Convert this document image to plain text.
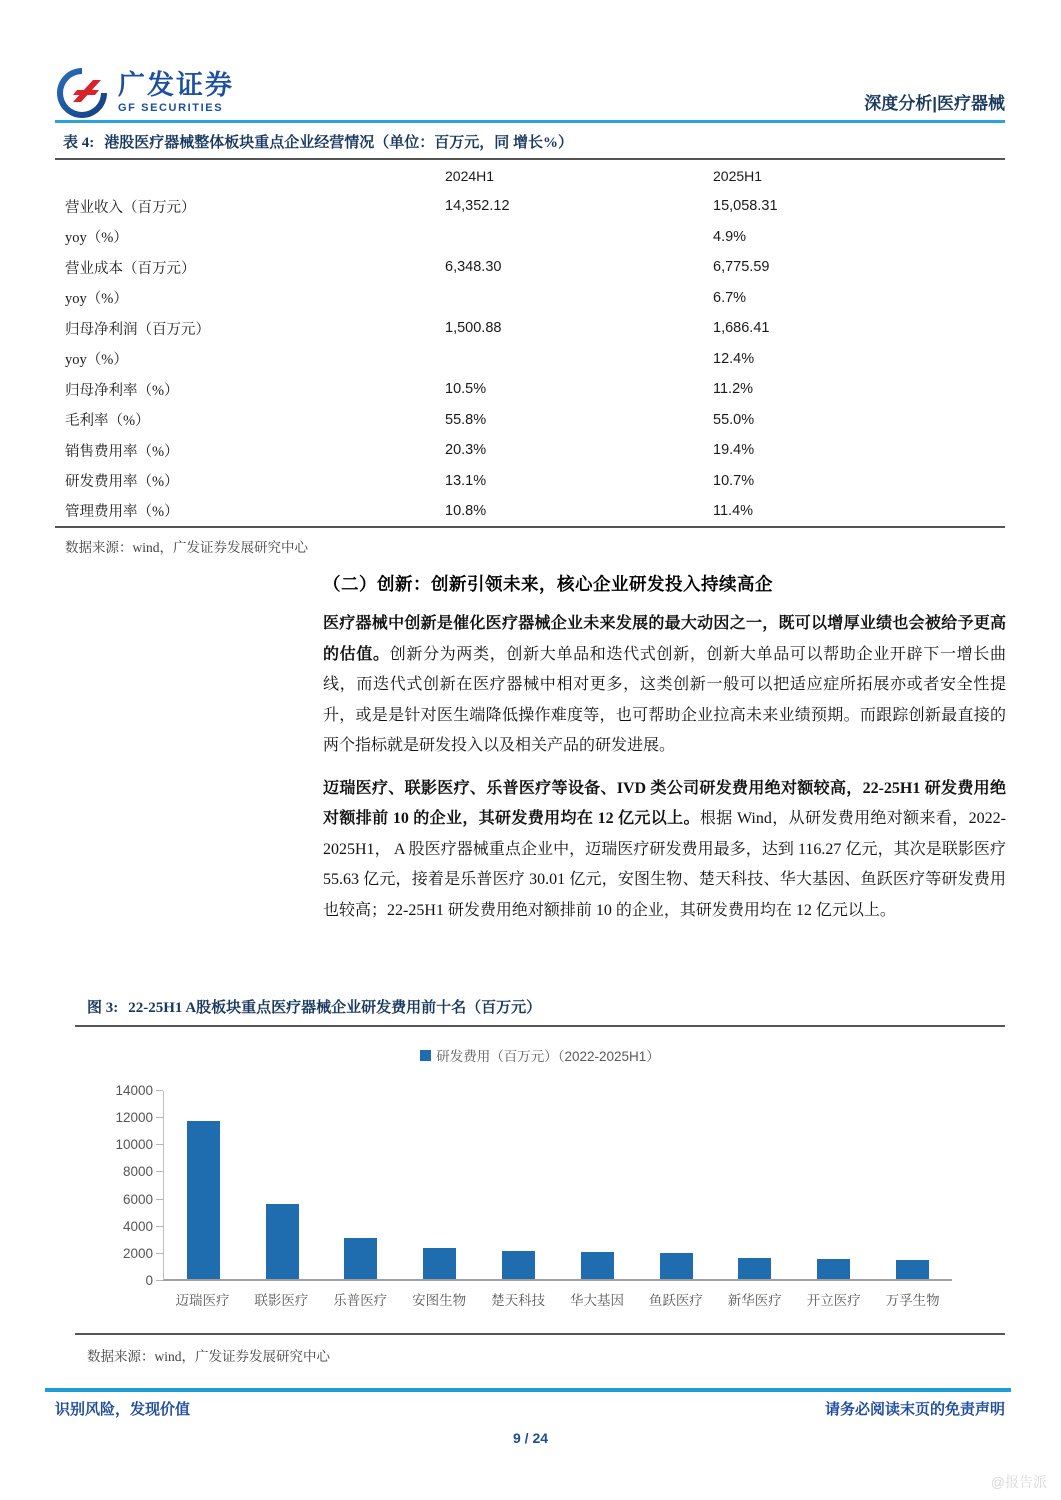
广发证券
GF SECURITIES	深度分析|医疗器械
表 4: 港股医疗器械整体板块重点企业经营情况（单位：百万元，同 增长%）
	2024H1	2025H1
营业收入（百万元）	14,352.12	15,058.31
yoy（%）		4.9%
营业成本（百万元）	6,348.30	6,775.59
yoy（%）		6.7%
归母净利润（百万元）	1,500.88	1,686.41
yoy（%）		12.4%
归母净利率（%）	10.5%	11.2%
毛利率（%）	55.8%	55.0%
销售费用率（%）	20.3%	19.4%
研发费用率（%）	13.1%	10.7%
管理费用率（%）	10.8%	11.4%
数据来源：wind，广发证券发展研究中心
（二）创新：创新引领未来，核心企业研发投入持续高企

医疗器械中创新是催化医疗器械企业未来发展的最大动因之一，既可以增厚业绩也会被给予更高的估值。创新分为两类，创新大单品和迭代式创新，创新大单品可以帮助企业开辟下一增长曲线，而迭代式创新在医疗器械中相对更多，这类创新一般可以把适应症所拓展亦或者安全性提升，或是是针对医生端降低操作难度等，也可帮助企业拉高未来业绩预期。而跟踪创新最直接的两个指标就是研发投入以及相关产品的研发进展。

迈瑞医疗、联影医疗、乐普医疗等设备、IVD 类公司研发费用绝对额较高，22-25H1 研发费用绝对额排前 10 的企业，其研发费用均在 12 亿元以上。根据 Wind，从研发费用绝对额来看，2022-2025H1， A 股医疗器械重点企业中，迈瑞医疗研发费用最多，达到 116.27 亿元，其次是联影医疗 55.63 亿元，接着是乐普医疗 30.01 亿元，安图生物、楚天科技、华大基因、鱼跃医疗等研发费用也较高；22-25H1 研发费用绝对额排前 10 的企业，其研发费用均在 12 亿元以上。

图 3: 22-25H1 A股板块重点医疗器械企业研发费用前十名（百万元）
研发费用（百万元）（2022-2025H1）
0
2000
4000
6000
8000
10000
12000
14000
迈瑞医疗	联影医疗	乐普医疗	安图生物	楚天科技	华大基因	鱼跃医疗	新华医疗	开立医疗	万孚生物
数据来源：wind，广发证券发展研究中心
识别风险，发现价值	请务必阅读末页的免责声明
9 / 24
@报告派
